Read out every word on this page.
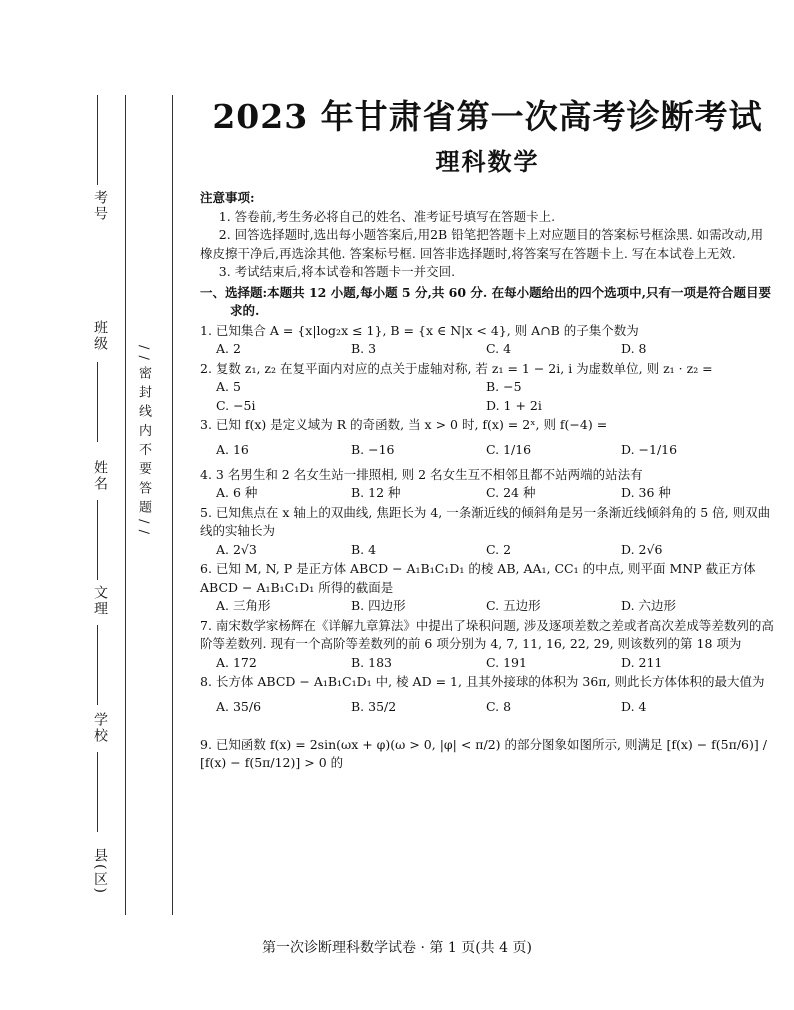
考号
班级
姓名
文理
学校
县(区)
/ / 密 封 线 内 不 要 答 题 / /
2023 年甘肃省第一次高考诊断考试
理科数学
注意事项:

1. 答卷前,考生务必将自己的姓名、准考证号填写在答题卡上.

2. 回答选择题时,选出每小题答案后,用2B 铅笔把答题卡上对应题目的答案标号框涂黑. 如需改动,用橡皮擦干净后,再选涂其他. 答案标号框. 回答非选择题时,将答案写在答题卡上. 写在本试卷上无效.

3. 考试结束后,将本试卷和答题卡一并交回.

一、选择题:本题共 12 小题,每小题 5 分,共 60 分. 在每小题给出的四个选项中,只有一项是符合题目要求的.
1. 已知集合 A = {x|log₂x ≤ 1}, B = {x ∈ N|x < 4}, 则 A∩B 的子集个数为
A. 2	B. 3	C. 4	D. 8
2. 复数 z₁, z₂ 在复平面内对应的点关于虚轴对称, 若 z₁ = 1 − 2i, i 为虚数单位, 则 z₁ · z₂ =
A. 5	B. −5
C. −5i	D. 1 + 2i
3. 已知 f(x) 是定义域为 R 的奇函数, 当 x > 0 时, f(x) = 2ˣ, 则 f(−4) =
A. 16	B. −16	C. 1/16	D. −1/16
4. 3 名男生和 2 名女生站一排照相, 则 2 名女生互不相邻且都不站两端的站法有
A. 6 种	B. 12 种	C. 24 种	D. 36 种
5. 已知焦点在 x 轴上的双曲线, 焦距长为 4, 一条渐近线的倾斜角是另一条渐近线倾斜角的 5 倍, 则双曲线的实轴长为
A. 2√3	B. 4	C. 2	D. 2√6
6. 已知 M, N, P 是正方体 ABCD − A₁B₁C₁D₁ 的棱 AB, AA₁, CC₁ 的中点, 则平面 MNP 截正方体 ABCD − A₁B₁C₁D₁ 所得的截面是
A. 三角形	B. 四边形	C. 五边形	D. 六边形
7. 南宋数学家杨辉在《详解九章算法》中提出了垛积问题, 涉及逐项差数之差或者高次差成等差数列的高阶等差数列. 现有一个高阶等差数列的前 6 项分别为 4, 7, 11, 16, 22, 29, 则该数列的第 18 项为
A. 172	B. 183	C. 191	D. 211
8. 长方体 ABCD − A₁B₁C₁D₁ 中, 棱 AD = 1, 且其外接球的体积为 36π, 则此长方体体积的最大值为
A. 35/6	B. 35/2	C. 8	D. 4
9. 已知函数 f(x) = 2sin(ωx + φ)(ω > 0, |φ| < π/2) 的部分图象如图所示, 则满足 [f(x) − f(5π/6)] / [f(x) − f(5π/12)] > 0 的
第一次诊断理科数学试卷 · 第 1 页(共 4 页)
